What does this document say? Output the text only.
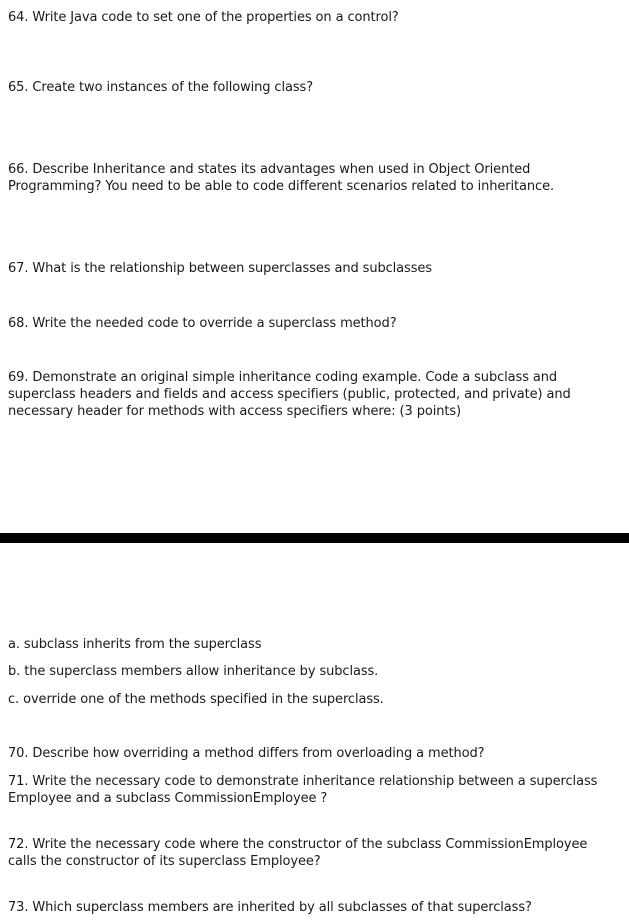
64. Write Java code to set one of the properties on a control?

65. Create two instances of the following class?

66. Describe Inheritance and states its advantages when used in Object Oriented Programming? You need to be able to code different scenarios related to inheritance.

67. What is the relationship between superclasses and subclasses

68. Write the needed code to override a superclass method?

69. Demonstrate an original simple inheritance coding example. Code a subclass and superclass headers and fields and access specifiers (public, protected, and private) and necessary header for methods with access specifiers where: (3 points)

a. subclass inherits from the superclass

b. the superclass members allow inheritance by subclass.

c. override one of the methods specified in the superclass.

70. Describe how overriding a method differs from overloading a method?

71. Write the necessary code to demonstrate inheritance relationship between a superclass Employee and a subclass CommissionEmployee ?

72. Write the necessary code where the constructor of the subclass CommissionEmployee calls the constructor of its superclass Employee?

73. Which superclass members are inherited by all subclasses of that superclass?
